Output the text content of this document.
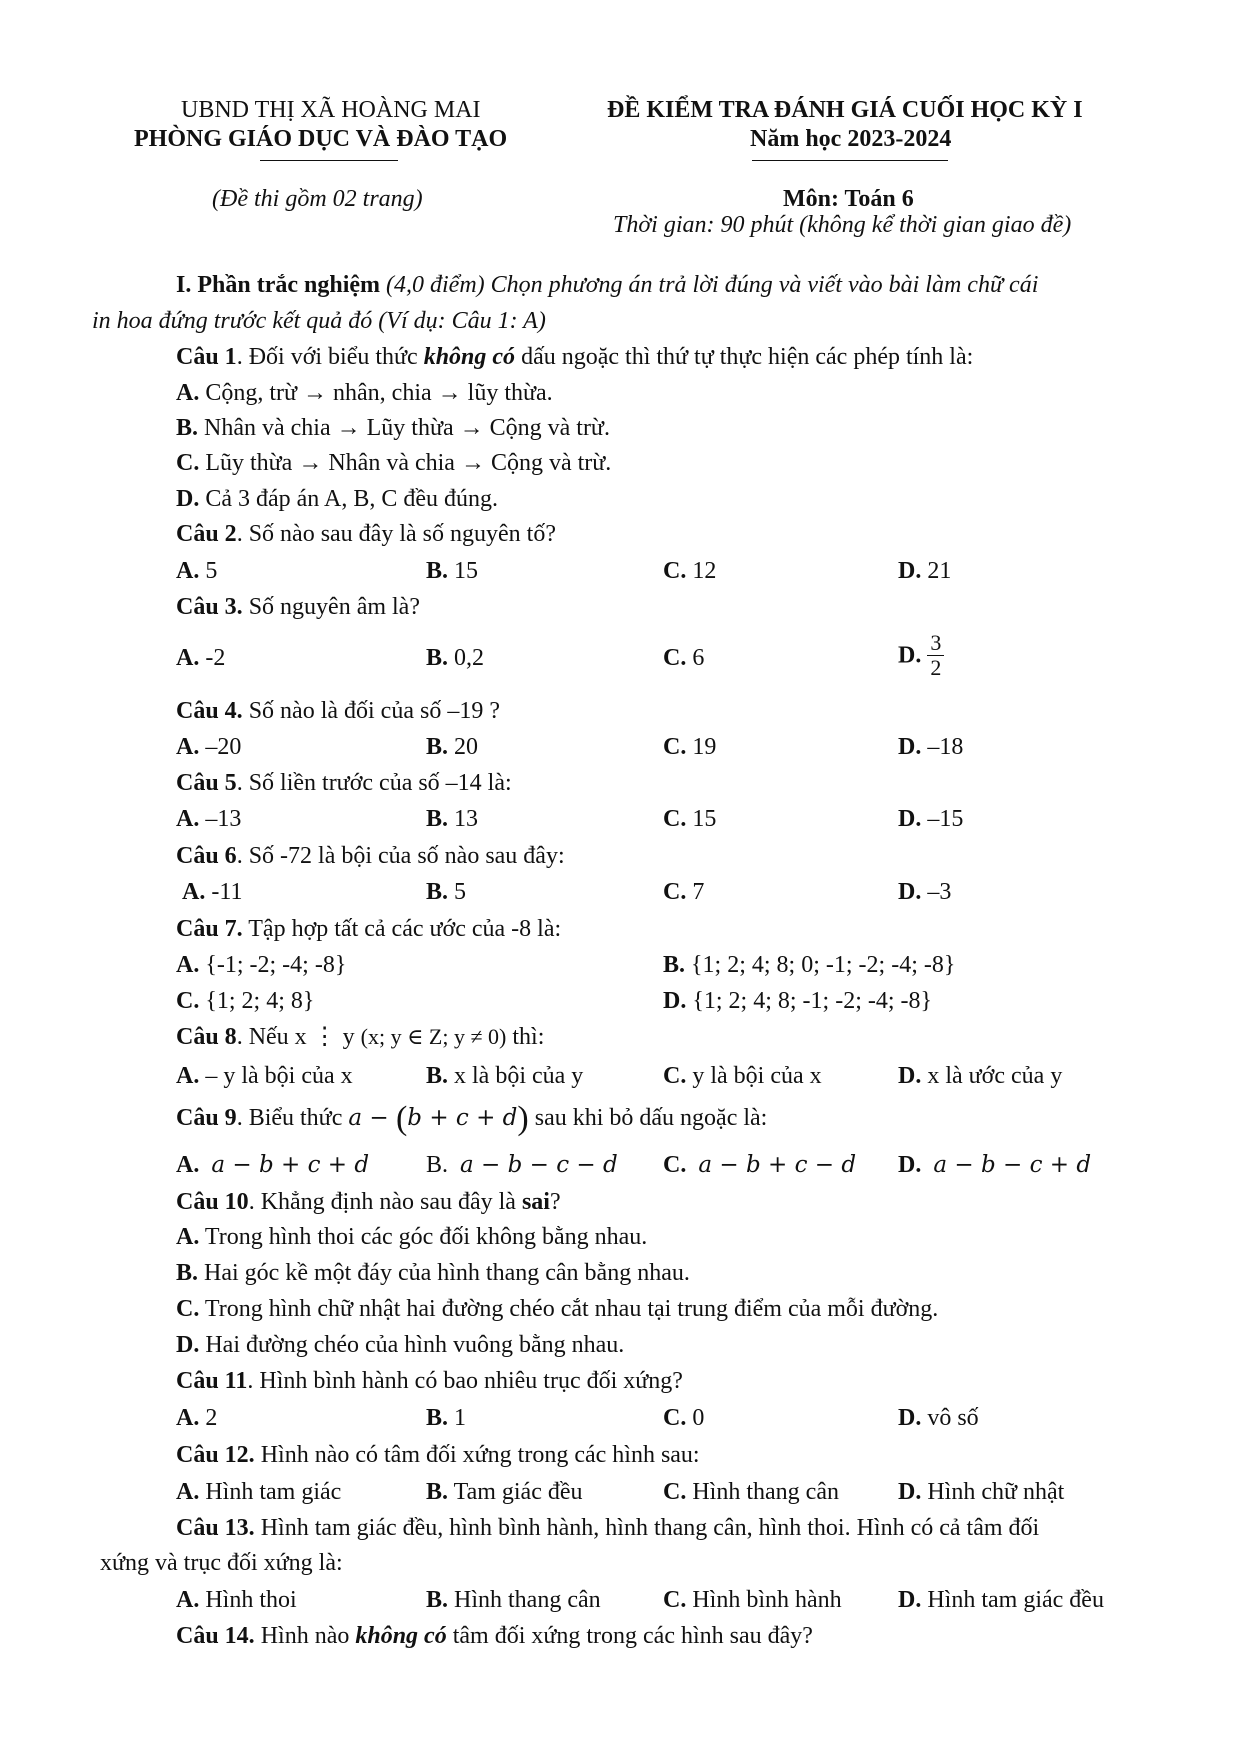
UBND THỊ XÃ HOÀNG MAI
PHÒNG GIÁO DỤC VÀ ĐÀO TẠO
(Đề thi gồm 02 trang)
ĐỀ KIỂM TRA ĐÁNH GIÁ CUỐI HỌC KỲ I
Năm học 2023-2024
Môn: Toán 6
Thời gian: 90 phút (không kể thời gian giao đề)
I. Phần trắc nghiệm (4,0 điểm) Chọn phương án trả lời đúng và viết vào bài làm chữ cái
in hoa đứng trước kết quả đó (Ví dụ: Câu 1: A)
Câu 1. Đối với biểu thức không có dấu ngoặc thì thứ tự thực hiện các phép tính là:
A. Cộng, trừ → nhân, chia → lũy thừa.
B. Nhân và chia → Lũy thừa → Cộng và trừ.
C. Lũy thừa → Nhân và chia → Cộng và trừ.
D. Cả 3 đáp án A, B, C đều đúng.
Câu 2. Số nào sau đây là số nguyên tố?
A. 5	B. 15	C. 12	D. 21
Câu 3. Số nguyên âm là?
A. -2	B. 0,2	C. 6	D. $\frac{3}{2}$
Câu 4. Số nào là đối của số –19 ?
A. –20	B. 20	C. 19	D. –18
Câu 5. Số liền trước của số –14 là:
A. –13	B. 13	C. 15	D. –15
Câu 6. Số -72 là bội của số nào sau đây:
A. -11	B. 5	C. 7	D. –3
Câu 7. Tập hợp tất cả các ước của -8 là:
A. {-1; -2; -4; -8}	B. {1; 2; 4; 8; 0; -1; -2; -4; -8}
C. {1; 2; 4; 8}	D. {1; 2; 4; 8; -1; -2; -4; -8}
Câu 8. Nếu x ⋮ y (x; y ∈ Z; y ≠ 0) thì:
A. – y là bội của x	B. x là bội của y	C. y là bội của x	D. x là ước của y
Câu 9. Biểu thức a − (b + c + d) sau khi bỏ dấu ngoặc là:
A. a − b + c + d B. a − b − c − d C. a − b + c − d D. a − b − c + d
Câu 10. Khẳng định nào sau đây là sai?
A. Trong hình thoi các góc đối không bằng nhau.
B. Hai góc kề một đáy của hình thang cân bằng nhau.
C. Trong hình chữ nhật hai đường chéo cắt nhau tại trung điểm của mỗi đường.
D. Hai đường chéo của hình vuông bằng nhau.
Câu 11. Hình bình hành có bao nhiêu trục đối xứng?
A. 2	B. 1	C. 0	D. vô số
Câu 12. Hình nào có tâm đối xứng trong các hình sau:
A. Hình tam giác	B. Tam giác đều	C. Hình thang cân D. Hình chữ nhật
Câu 13. Hình tam giác đều, hình bình hành, hình thang cân, hình thoi. Hình có cả tâm đối
xứng và trục đối xứng là:
A. Hình thoi	B. Hình thang cân	C. Hình bình hành D. Hình tam giác đều
Câu 14. Hình nào không có tâm đối xứng trong các hình sau đây?
